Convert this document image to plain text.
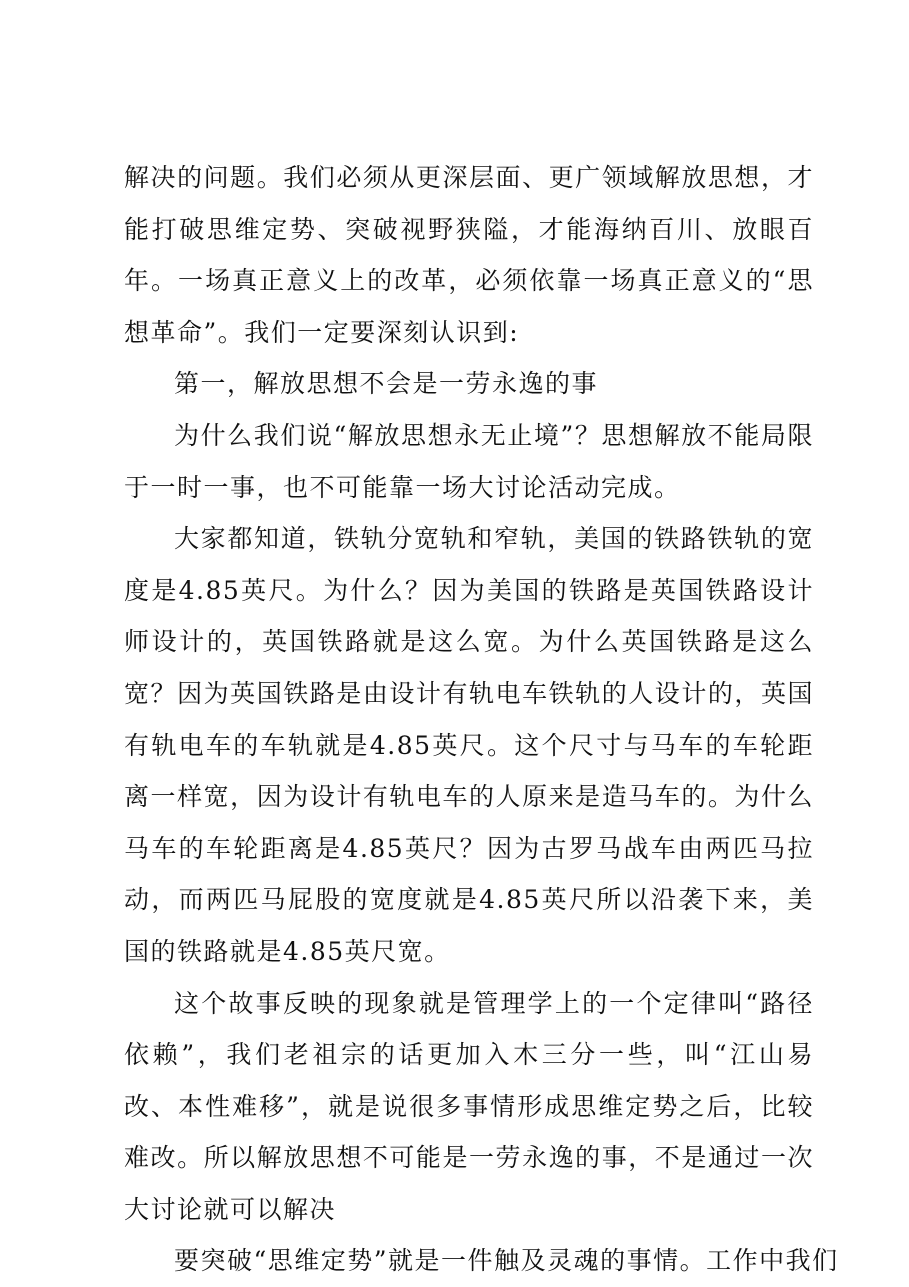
解决的问题。我们必须从更深层面、更广领域解放思想，才能打破思维定势、突破视野狭隘，才能海纳百川、放眼百年。一场真正意义上的改革，必须依靠一场真正意义的“思想革命”。我们一定要深刻认识到:

第一，解放思想不会是一劳永逸的事

为什么我们说“解放思想永无止境”？思想解放不能局限于一时一事，也不可能靠一场大讨论活动完成。

大家都知道，铁轨分宽轨和窄轨，美国的铁路铁轨的宽度是4.85英尺。为什么？因为美国的铁路是英国铁路设计师设计的，英国铁路就是这么宽。为什么英国铁路是这么宽？因为英国铁路是由设计有轨电车铁轨的人设计的，英国有轨电车的车轨就是4.85英尺。这个尺寸与马车的车轮距离一样宽，因为设计有轨电车的人原来是造马车的。为什么马车的车轮距离是4.85英尺？因为古罗马战车由两匹马拉动，而两匹马屁股的宽度就是4.85英尺所以沿袭下来，美国的铁路就是4.85英尺宽。

这个故事反映的现象就是管理学上的一个定律叫“路径依赖”，我们老祖宗的话更加入木三分一些，叫“江山易改、本性难移”，就是说很多事情形成思维定势之后，比较难改。所以解放思想不可能是一劳永逸的事，不是通过一次大讨论就可以解决

要突破“思维定势”就是一件触及灵魂的事情。工作中我们
